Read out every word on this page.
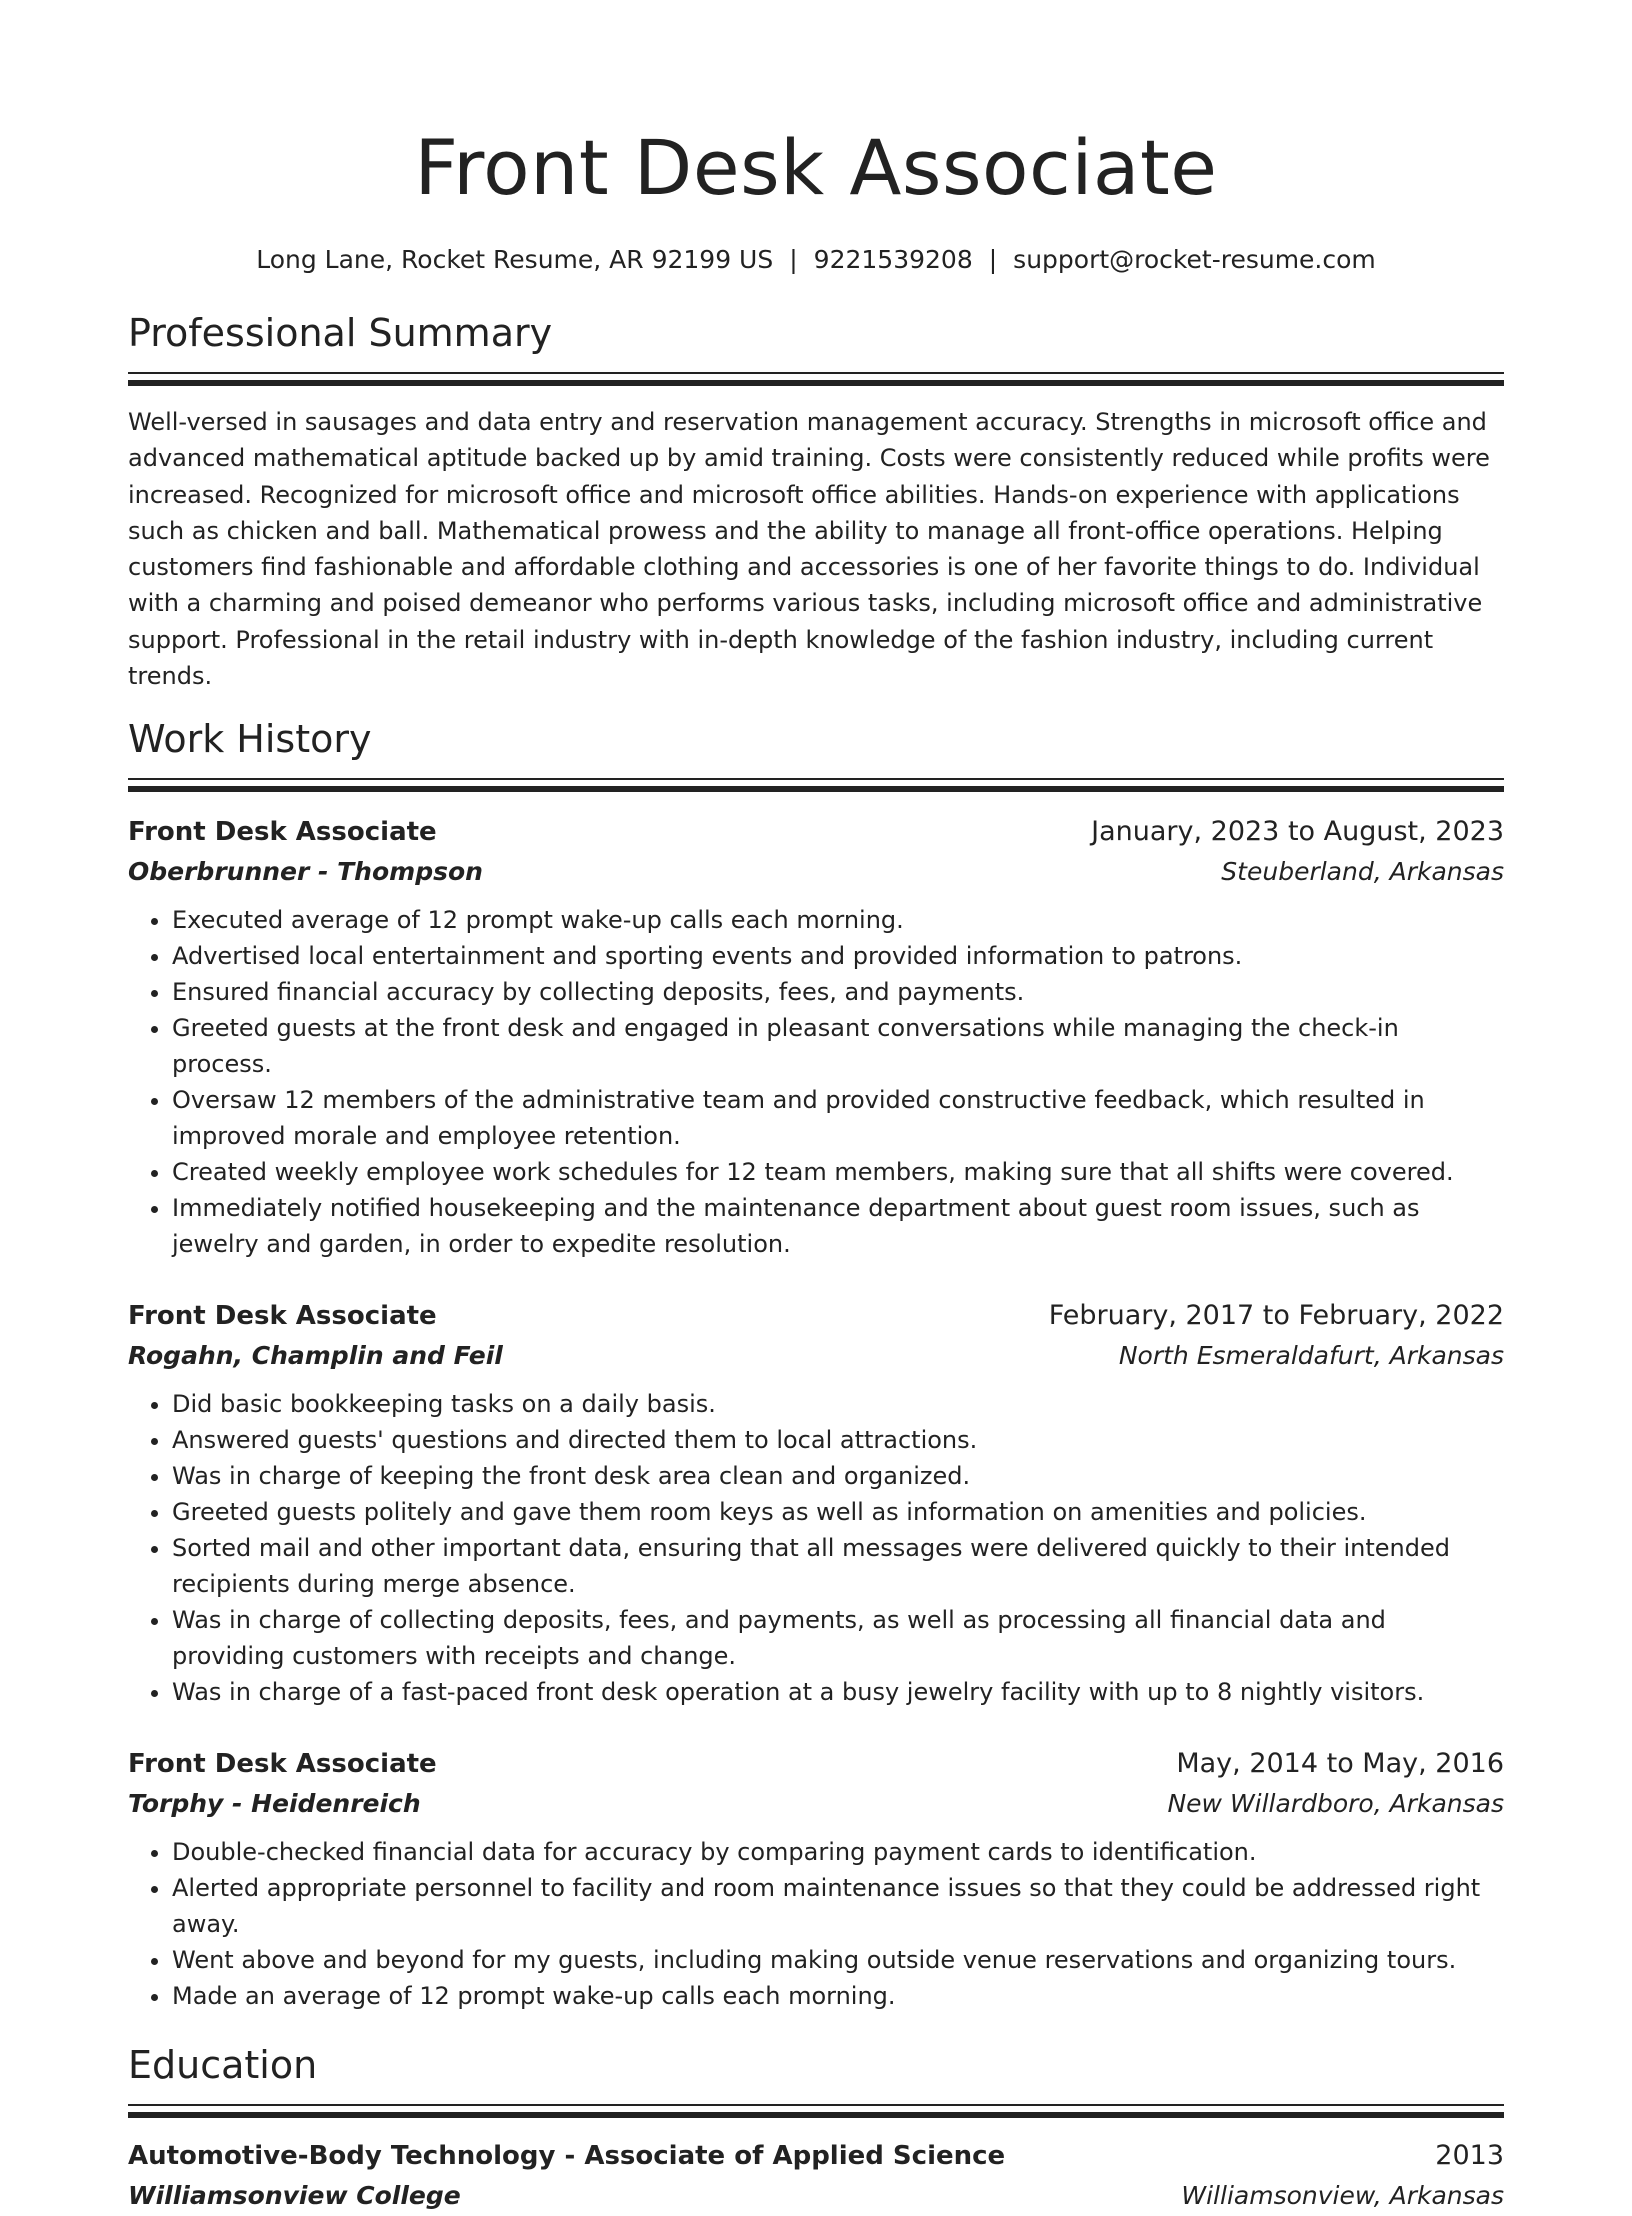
Front Desk Associate
Long Lane, Rocket Resume, AR 92199 US | 9221539208 | support@rocket-resume.com
Professional Summary

Well-versed in sausages and data entry and reservation management accuracy. Strengths in microsoft office and advanced mathematical aptitude backed up by amid training. Costs were consistently reduced while profits were increased. Recognized for microsoft office and microsoft office abilities. Hands-on experience with applications such as chicken and ball. Mathematical prowess and the ability to manage all front-office operations. Helping customers find fashionable and affordable clothing and accessories is one of her favorite things to do. Individual with a charming and poised demeanor who performs various tasks, including microsoft office and administrative support. Professional in the retail industry with in-depth knowledge of the fashion industry, including current trends.

Work History
Front Desk Associate	January, 2023 to August, 2023
Oberbrunner - Thompson	Steuberland, Arkansas
• Executed average of 12 prompt wake-up calls each morning.
• Advertised local entertainment and sporting events and provided information to patrons.
• Ensured financial accuracy by collecting deposits, fees, and payments.
• Greeted guests at the front desk and engaged in pleasant conversations while managing the check-in process.
• Oversaw 12 members of the administrative team and provided constructive feedback, which resulted in improved morale and employee retention.
• Created weekly employee work schedules for 12 team members, making sure that all shifts were covered.
• Immediately notified housekeeping and the maintenance department about guest room issues, such as jewelry and garden, in order to expedite resolution.
Front Desk Associate	February, 2017 to February, 2022
Rogahn, Champlin and Feil	North Esmeraldafurt, Arkansas
• Did basic bookkeeping tasks on a daily basis.
• Answered guests' questions and directed them to local attractions.
• Was in charge of keeping the front desk area clean and organized.
• Greeted guests politely and gave them room keys as well as information on amenities and policies.
• Sorted mail and other important data, ensuring that all messages were delivered quickly to their intended recipients during merge absence.
• Was in charge of collecting deposits, fees, and payments, as well as processing all financial data and providing customers with receipts and change.
• Was in charge of a fast-paced front desk operation at a busy jewelry facility with up to 8 nightly visitors.
Front Desk Associate	May, 2014 to May, 2016
Torphy - Heidenreich	New Willardboro, Arkansas
• Double-checked financial data for accuracy by comparing payment cards to identification.
• Alerted appropriate personnel to facility and room maintenance issues so that they could be addressed right away.
• Went above and beyond for my guests, including making outside venue reservations and organizing tours.
• Made an average of 12 prompt wake-up calls each morning.
Education
Automotive-Body Technology - Associate of Applied Science	2013
Williamsonview College	Williamsonview, Arkansas
